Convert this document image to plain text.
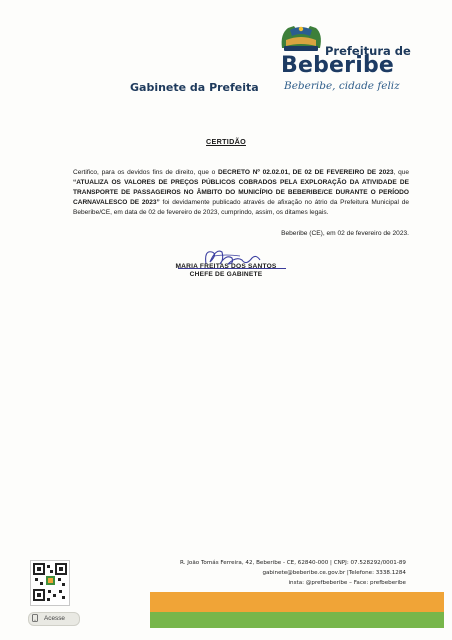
Prefeitura de
Beberibe
Beberibe, cidade feliz
Gabinete da Prefeita
CERTIDÃO

Certifico, para os devidos fins de direito, que o DECRETO Nº 02.02.01, DE 02 DE FEVEREIRO DE 2023, que “ATUALIZA OS VALORES DE PREÇOS PÚBLICOS COBRADOS PELA EXPLORAÇÃO DA ATIVIDADE DE TRANSPORTE DE PASSAGEIROS NO ÂMBITO DO MUNICÍPIO DE BEBERIBE/CE DURANTE O PERÍODO CARNAVALESCO DE 2023” foi devidamente publicado através de afixação no átrio da Prefeitura Municipal de Beberibe/CE, em data de 02 de fevereiro de 2023, cumprindo, assim, os ditames legais.

Beberibe (CE), em 02 de fevereiro de 2023.
MARIA FREITAS DOS SANTOS
CHEFE DE GABINETE
Acesse
R. João Tomás Ferreira, 42, Beberibe - CE, 62840-000 | CNPJ: 07.528292/0001-89
gabinete@beberibe.ce.gov.br |Telefone: 3338.1284
insta: @prefbeberibe – Face: prefbeberibe
